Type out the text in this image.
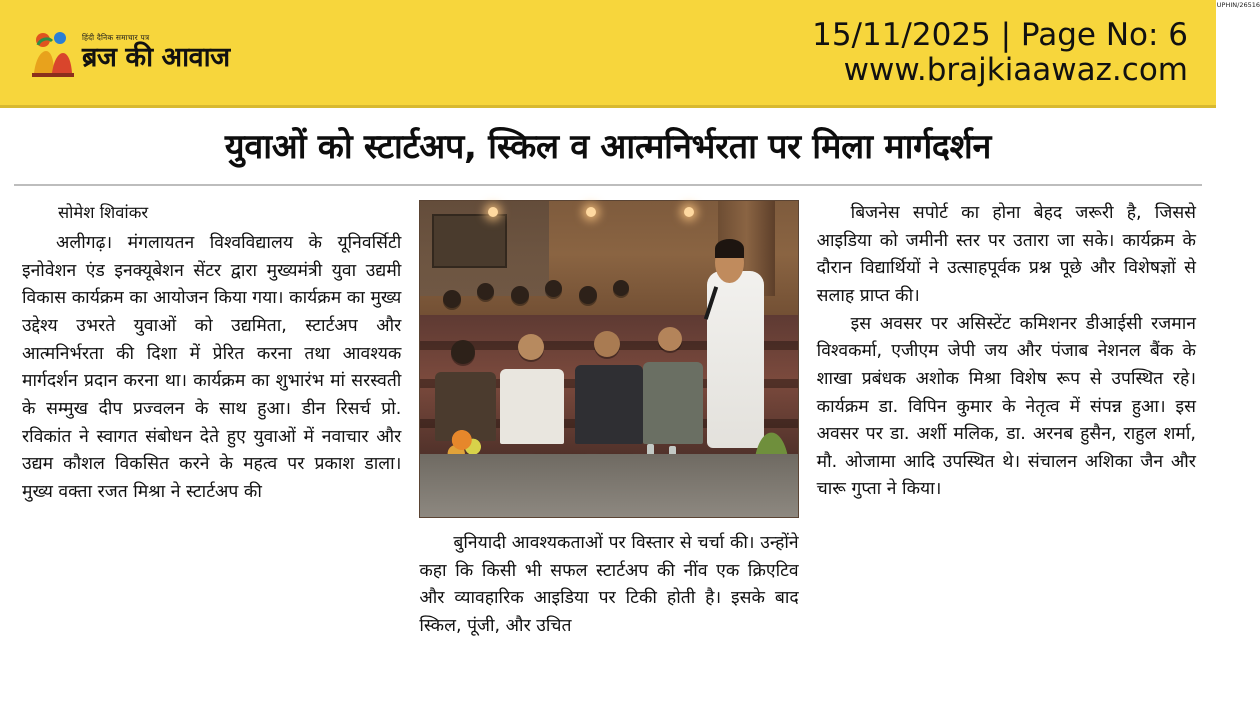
हिंदी दैनिक समाचार पत्र
ब्रज की आवाज
UPHIN/26516
15/11/2025 | Page No: 6
www.brajkiaawaz.com
युवाओं को स्टार्टअप, स्किल व आत्मनिर्भरता पर मिला मार्गदर्शन
सोमेश शिवांकर

अलीगढ़। मंगलायतन विश्वविद्यालय के यूनिवर्सिटी इनोवेशन एंड इनक्यूबेशन सेंटर द्वारा मुख्यमंत्री युवा उद्यमी विकास कार्यक्रम का आयोजन किया गया। कार्यक्रम का मुख्य उद्देश्य उभरते युवाओं को उद्यमिता, स्टार्टअप और आत्मनिर्भरता की दिशा में प्रेरित करना तथा आवश्यक मार्गदर्शन प्रदान करना था। कार्यक्रम का शुभारंभ मां सरस्वती के सम्मुख दीप प्रज्वलन के साथ हुआ। डीन रिसर्च प्रो. रविकांत ने स्वागत संबोधन देते हुए युवाओं में नवाचार और उद्यम कौशल विकसित करने के महत्व पर प्रकाश डाला। मुख्य वक्ता रजत मिश्रा ने स्टार्टअप की

बुनियादी आवश्यकताओं पर विस्तार से चर्चा की। उन्होंने कहा कि किसी भी सफल स्टार्टअप की नींव एक क्रिएटिव और व्यावहारिक आइडिया पर टिकी होती है। इसके बाद स्किल, पूंजी, और उचित

बिजनेस सपोर्ट का होना बेहद जरूरी है, जिससे आइडिया को जमीनी स्तर पर उतारा जा सके। कार्यक्रम के दौरान विद्यार्थियों ने उत्साहपूर्वक प्रश्न पूछे और विशेषज्ञों से सलाह प्राप्त की।

इस अवसर पर असिस्टेंट कमिशनर डीआईसी रजमान विश्वकर्मा, एजीएम जेपी जय और पंजाब नेशनल बैंक के शाखा प्रबंधक अशोक मिश्रा विशेष रूप से उपस्थित रहे। कार्यक्रम डा. विपिन कुमार के नेतृत्व में संपन्न हुआ। इस अवसर पर डा. अर्शी मलिक, डा. अरनब हुसैन, राहुल शर्मा, मौ. ओजामा आदि उपस्थित थे। संचालन अशिका जैन और चारू गुप्ता ने किया।
